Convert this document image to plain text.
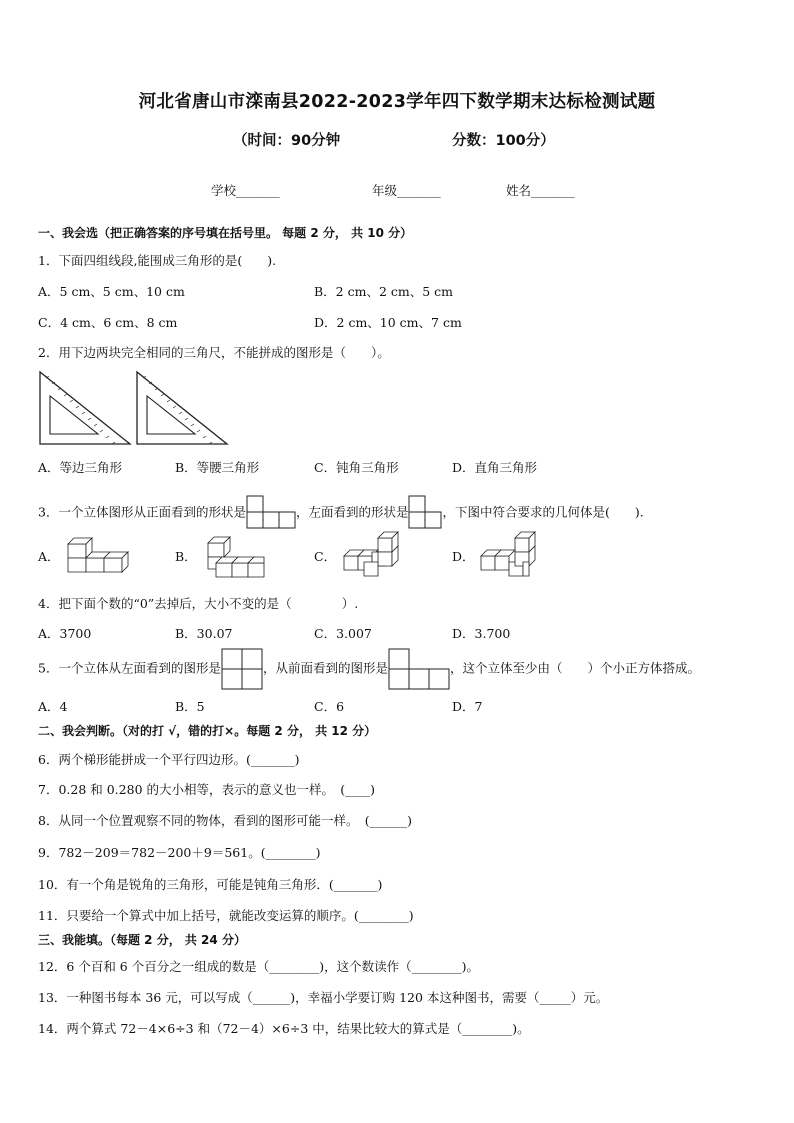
河北省唐山市滦南县2022-2023学年四下数学期末达标检测试题
（时间：90分钟	分数：100分）
学校_______	年级_______	姓名_______
一、我会选（把正确答案的序号填在括号里。 每题 2 分， 共 10 分）
1．下面四组线段,能围成三角形的是(　　).
A．5 cm、5 cm、10 cm	B．2 cm、2 cm、5 cm
C．4 cm、6 cm、8 cm	D．2 cm、10 cm、7 cm
2．用下边两块完全相同的三角尺，不能拼成的图形是（　　）。
A．等边三角形	B．等腰三角形	C．钝角三角形	D．直角三角形
3．一个立体图形从正面看到的形状是	，左面看到的形状是	，下图中符合要求的几何体是(　　).
A．	B．	C．	D．
4．把下面个数的“0”去掉后，大小不变的是（　　　　）.
A．3700	B．30.07	C．3.007	D．3.700
5．一个立体从左面看到的图形是	，从前面看到的图形是	，这个立体至少由（　　）个小正方体搭成。
A．4	B．5	C．6	D．7
二、我会判断。（对的打 √，错的打×。每题 2 分， 共 12 分）
6．两个梯形能拼成一个平行四边形。(_______)
7．0.28 和 0.280 的大小相等，表示的意义也一样。　(____)
8．从同一个位置观察不同的物体，看到的图形可能一样。　(______)
9．782－209＝782－200＋9＝561。(________)
10．有一个角是锐角的三角形，可能是钝角三角形．(_______)
11．只要给一个算式中加上括号，就能改变运算的顺序。(________)
三、我能填。（每题 2 分， 共 24 分）
12．6 个百和 6 个百分之一组成的数是（________)，这个数读作（________)。
13．一种图书每本 36 元，可以写成（______)，幸福小学要订购 120 本这种图书，需要（_____）元。
14．两个算式 72－4×6÷3 和（72－4）×6÷3 中，结果比较大的算式是（________)。
